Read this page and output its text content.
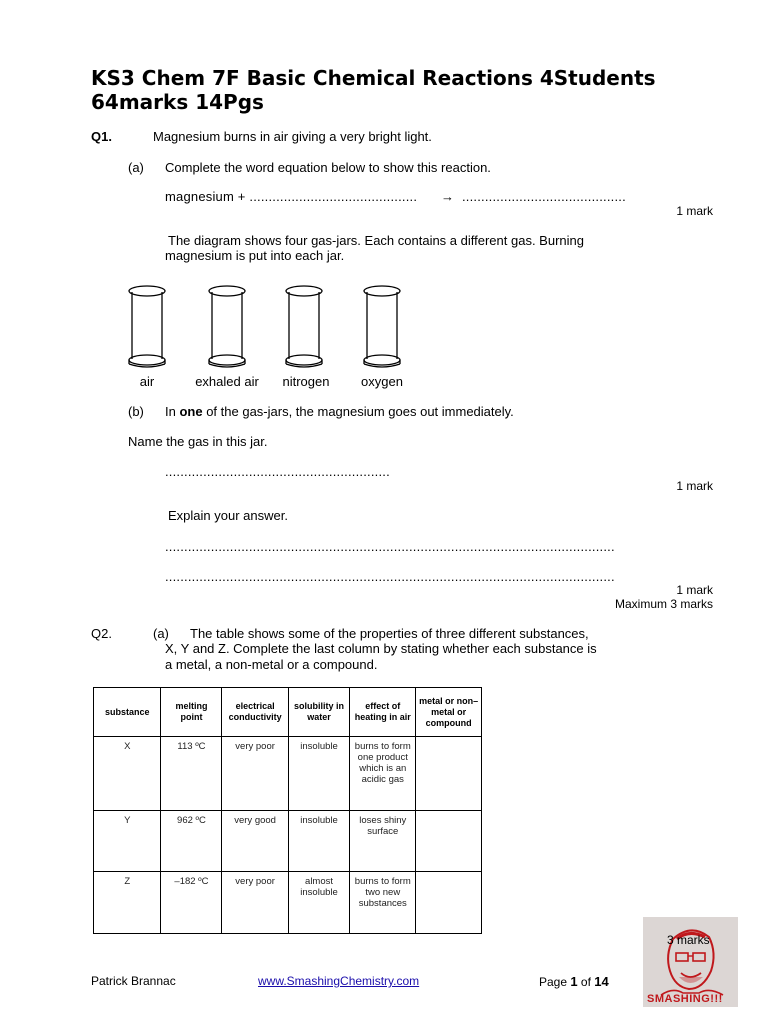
KS3 Chem 7F Basic Chemical Reactions 4Students 64marks 14Pgs
Q1.	Magnesium burns in air giving a very bright light.
(a) Complete the word equation below to show this reaction.
magnesium + ............................................ → ...........................................
1 mark
The diagram shows four gas-jars. Each contains a different gas. Burning
magnesium is put into each jar.
air	exhaled air	nitrogen	oxygen
(b) In one of the gas-jars, the magnesium goes out immediately.
Name the gas in this jar.
...........................................................
1 mark
Explain your answer.
......................................................................................................................
......................................................................................................................
1 mark
Maximum 3 marks
Q2.	(a) The table shows some of the properties of three different substances,
X, Y and Z. Complete the last column by stating whether each substance is
a metal, a non-metal or a compound.
substance	melting point	electrical conductivity	solubility in water	effect of heating in air	metal or non–metal or compound
X	113 ºC	very poor	insoluble	burns to form one product which is an acidic gas	
Y	962 ºC	very good	insoluble	loses shiny surface	
Z	–182 ºC	very poor	almost insoluble	burns to form two new substances	
3 marks
SMASHING!!!
Patrick Brannac	www.SmashingChemistry.com	Page 1 of 14
